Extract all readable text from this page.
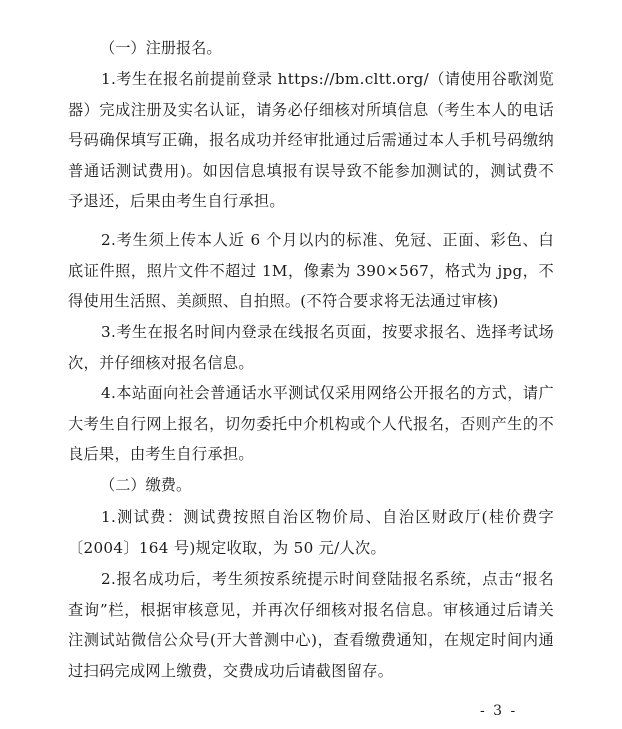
（一）注册报名。

1.考生在报名前提前登录 https://bm.cltt.org/（请使用谷歌浏览器）完成注册及实名认证，请务必仔细核对所填信息（考生本人的电话号码确保填写正确，报名成功并经审批通过后需通过本人手机号码缴纳普通话测试费用)。如因信息填报有误导致不能参加测试的，测试费不予退还，后果由考生自行承担。

2.考生须上传本人近 6 个月以内的标准、免冠、正面、彩色、白底证件照，照片文件不超过 1M，像素为 390×567，格式为 jpg，不得使用生活照、美颜照、自拍照。(不符合要求将无法通过审核)

3.考生在报名时间内登录在线报名页面，按要求报名、选择考试场次，并仔细核对报名信息。

4.本站面向社会普通话水平测试仅采用网络公开报名的方式，请广大考生自行网上报名，切勿委托中介机构或个人代报名，否则产生的不良后果，由考生自行承担。

（二）缴费。

1.测试费：测试费按照自治区物价局、自治区财政厅(桂价费字〔2004〕164 号)规定收取，为 50 元/人次。

2.报名成功后，考生须按系统提示时间登陆报名系统，点击“报名查询”栏，根据审核意见，并再次仔细核对报名信息。审核通过后请关注测试站微信公众号(开大普测中心)，查看缴费通知，在规定时间内通过扫码完成网上缴费，交费成功后请截图留存。

- 3 -
